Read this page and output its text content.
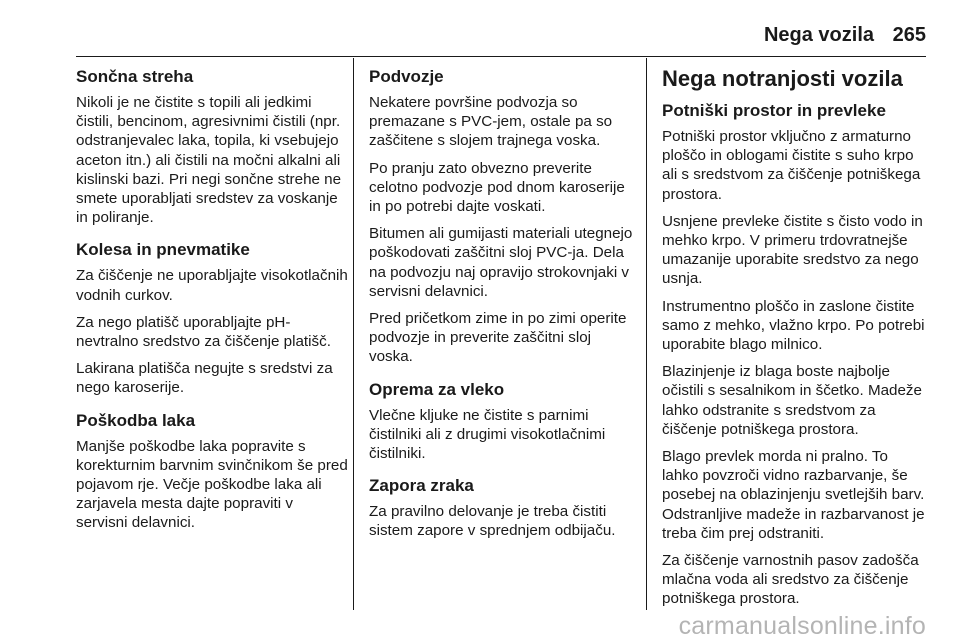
Nega vozila 265
Sončna streha

Nikoli je ne čistite s topili ali jedkimi čistili, bencinom, agresivnimi čistili (npr. odstranjevalec laka, topila, ki vsebujejo aceton itn.) ali čistili na močni alkalni ali kislinski bazi. Pri negi sončne strehe ne smete uporabljati sredstev za voskanje in poliranje.

Kolesa in pnevmatike

Za čiščenje ne uporabljajte visokotlačnih vodnih curkov.

Za nego platišč uporabljajte pH-nevtralno sredstvo za čiščenje platišč.

Lakirana platišča negujte s sredstvi za nego karoserije.

Poškodba laka

Manjše poškodbe laka popravite s korekturnim barvnim svinčnikom še pred pojavom rje. Večje poškodbe laka ali zarjavela mesta dajte popraviti v servisni delavnici.

Podvozje

Nekatere površine podvozja so premazane s PVC-jem, ostale pa so zaščitene s slojem trajnega voska.

Po pranju zato obvezno preverite celotno podvozje pod dnom karoserije in po potrebi dajte voskati.

Bitumen ali gumijasti materiali utegnejo poškodovati zaščitni sloj PVC-ja. Dela na podvozju naj opravijo strokovnjaki v servisni delavnici.

Pred pričetkom zime in po zimi operite podvozje in preverite zaščitni sloj voska.

Oprema za vleko

Vlečne kljuke ne čistite s parnimi čistilniki ali z drugimi visokotlačnimi čistilniki.

Zapora zraka

Za pravilno delovanje je treba čistiti sistem zapore v sprednjem odbijaču.

Nega notranjosti vozila
Potniški prostor in prevleke

Potniški prostor vključno z armaturno ploščo in oblogami čistite s suho krpo ali s sredstvom za čiščenje potniškega prostora.

Usnjene prevleke čistite s čisto vodo in mehko krpo. V primeru trdovratnejše umazanije uporabite sredstvo za nego usnja.

Instrumentno ploščo in zaslone čistite samo z mehko, vlažno krpo. Po potrebi uporabite blago milnico.

Blazinjenje iz blaga boste najbolje očistili s sesalnikom in ščetko. Madeže lahko odstranite s sredstvom za čiščenje potniškega prostora.

Blago prevlek morda ni pralno. To lahko povzroči vidno razbarvanje, še posebej na oblazinjenju svetlejših barv. Odstranljive madeže in razbarvanost je treba čim prej odstraniti.

Za čiščenje varnostnih pasov zadošča mlačna voda ali sredstvo za čiščenje potniškega prostora.

carmanualsonline.info
